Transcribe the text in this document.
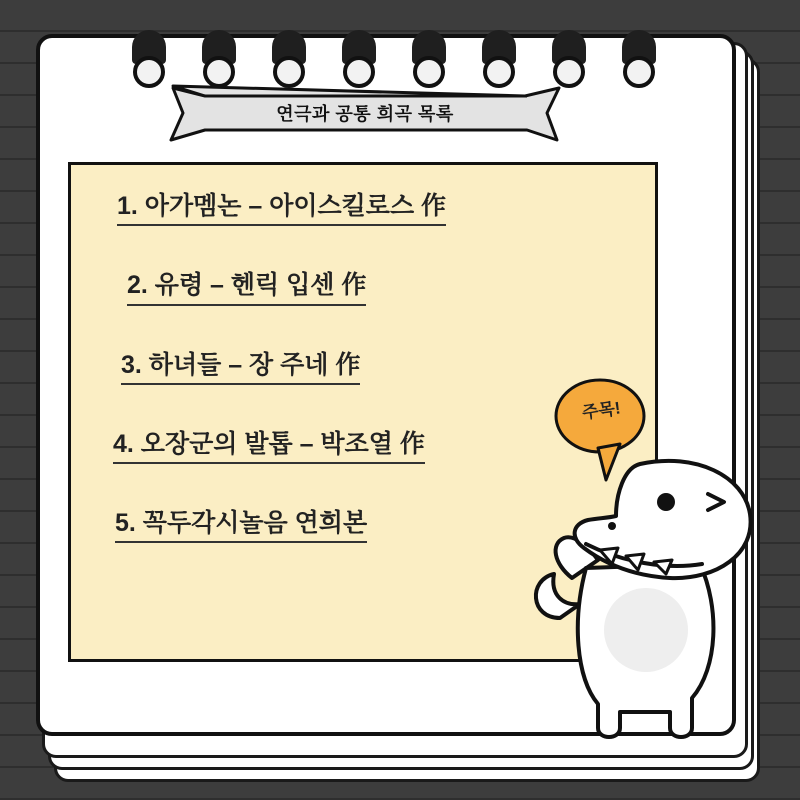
연극과 공통 희곡 목록
1. 아가멤논 – 아이스킬로스 作
2. 유령 – 헨릭 입센 作
3. 하녀들 – 장 주네 作
4. 오장군의 발톱 – 박조열 作
5. 꼭두각시놀음 연희본
주목!
